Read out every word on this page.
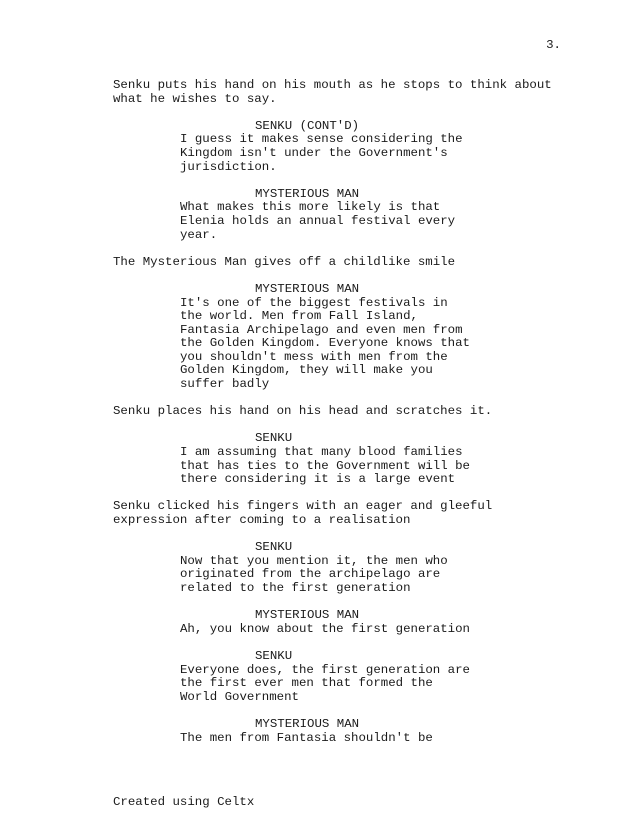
3.

Senku puts his hand on his mouth as he stops to think about what he wishes to say.

SENKU (CONT'D)

I guess it makes sense considering the Kingdom isn't under the Government's jurisdiction.

MYSTERIOUS MAN

What makes this more likely is that Elenia holds an annual festival every year.

The Mysterious Man gives off a childlike smile

MYSTERIOUS MAN

It's one of the biggest festivals in the world. Men from Fall Island, Fantasia Archipelago and even men from the Golden Kingdom. Everyone knows that you shouldn't mess with men from the Golden Kingdom, they will make you suffer badly

Senku places his hand on his head and scratches it.

SENKU

I am assuming that many blood families that has ties to the Government will be there considering it is a large event

Senku clicked his fingers with an eager and gleeful expression after coming to a realisation

SENKU

Now that you mention it, the men who originated from the archipelago are related to the first generation

MYSTERIOUS MAN

Ah, you know about the first generation

SENKU

Everyone does, the first generation are the first ever men that formed the World Government

MYSTERIOUS MAN

The men from Fantasia shouldn't be

Created using Celtx
